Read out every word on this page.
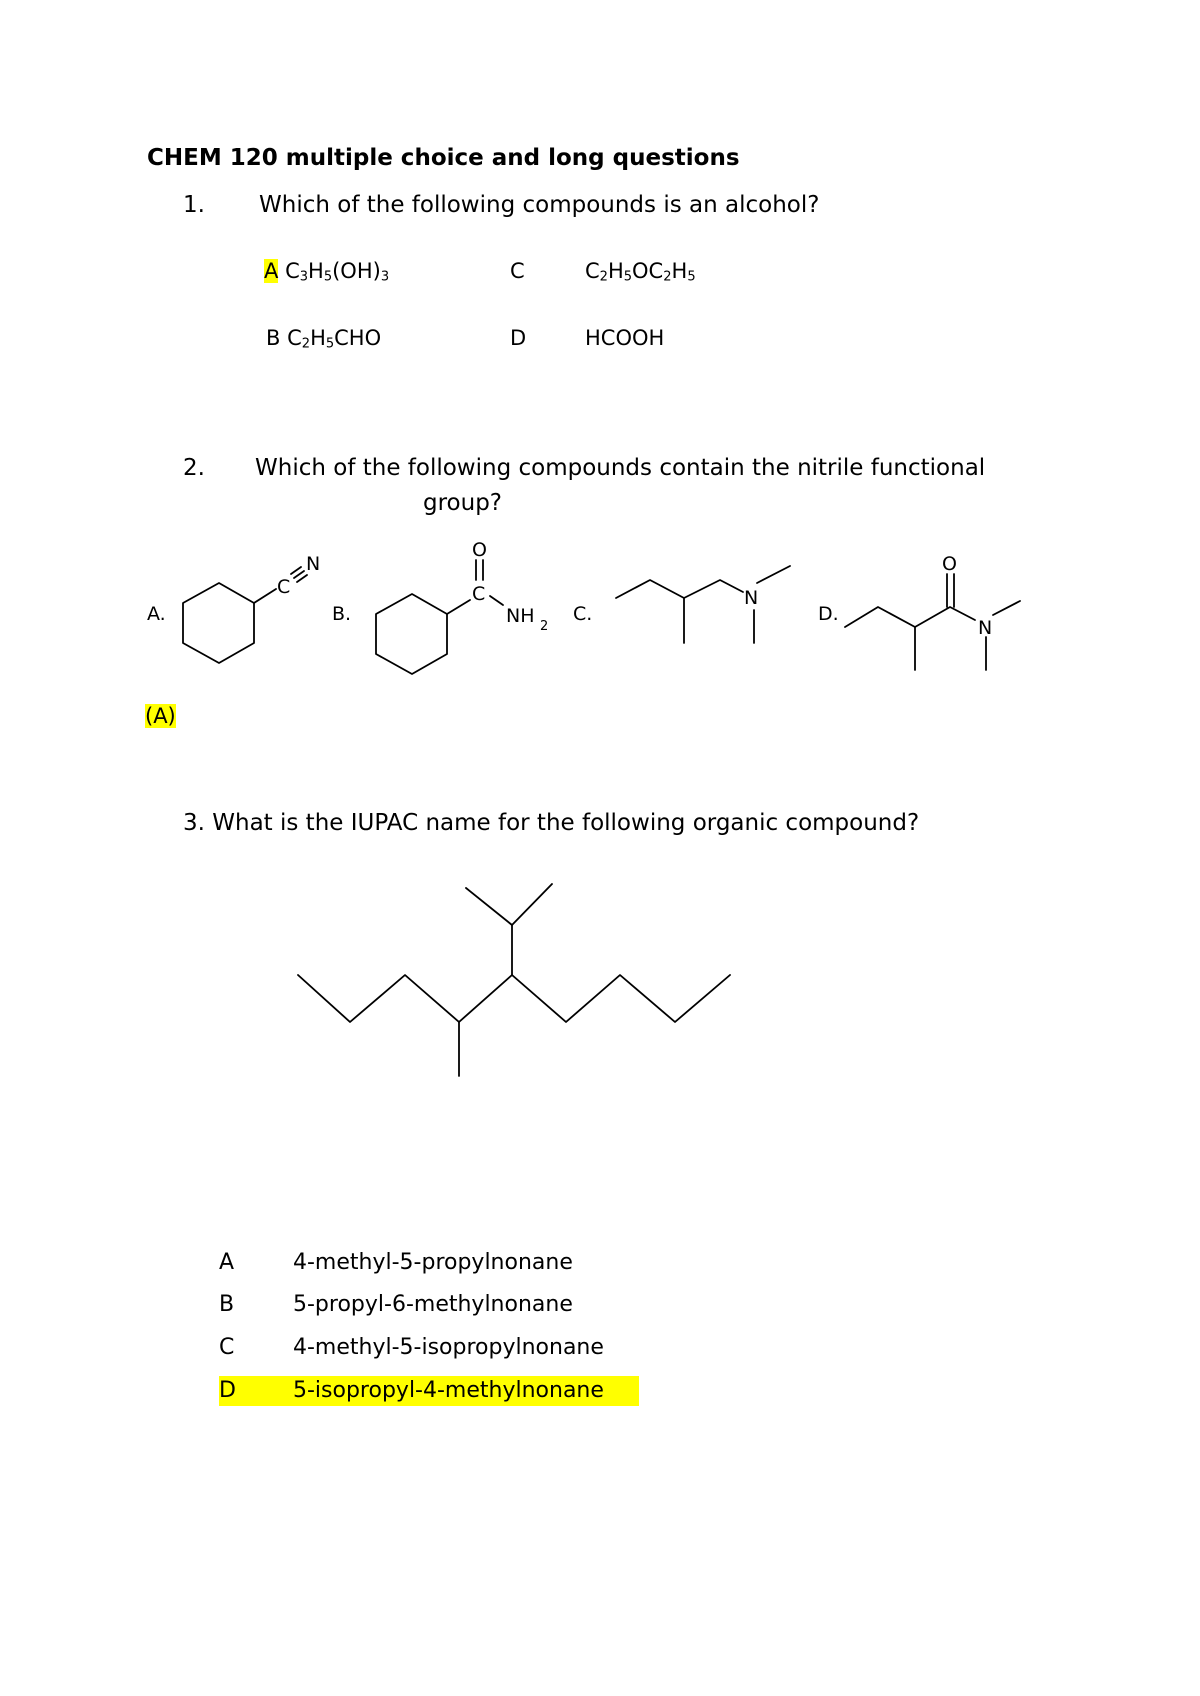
CHEM 120 multiple choice and long questions
1. Which of the following compounds is an alcohol?
A $C_3H_5(OH)_3$
B $C_2H_5CHO$
C	$C_2H_5OC_2H_5$
D	HCOOH
2. Which of the following compounds contain the nitrile functional
group?
A.	B.	C.	D.
C
N
O
C
NH 2
N
O
N
(A)
3. What is the IUPAC name for the following organic compound?
A	4-methyl-5-propylnonane
B	5-propyl-6-methylnonane
C	4-methyl-5-isopropylnonane
D	5-isopropyl-4-methylnonane
